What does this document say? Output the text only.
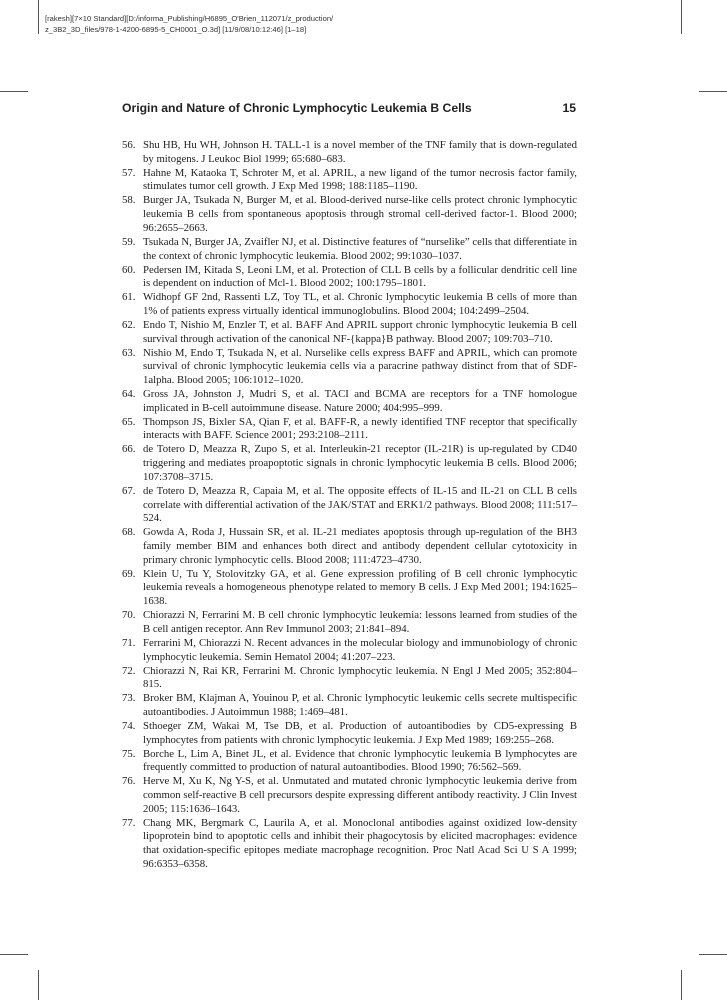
[rakesh][7×10 Standard][D:/informa_Publishing/H6895_O'Brien_112071/z_production/
z_3B2_3D_files/978-1-4200-6895-5_CH0001_O.3d] [11/9/08/10:12:46] [1–18]
Origin and Nature of Chronic Lymphocytic Leukemia B Cells	15
56. Shu HB, Hu WH, Johnson H. TALL-1 is a novel member of the TNF family that is down-regulated by mitogens. J Leukoc Biol 1999; 65:680–683.
57. Hahne M, Kataoka T, Schroter M, et al. APRIL, a new ligand of the tumor necrosis factor family, stimulates tumor cell growth. J Exp Med 1998; 188:1185–1190.
58. Burger JA, Tsukada N, Burger M, et al. Blood-derived nurse-like cells protect chronic lymphocytic leukemia B cells from spontaneous apoptosis through stromal cell-derived factor-1. Blood 2000; 96:2655–2663.
59. Tsukada N, Burger JA, Zvaifler NJ, et al. Distinctive features of “nurselike” cells that differentiate in the context of chronic lymphocytic leukemia. Blood 2002; 99:1030–1037.
60. Pedersen IM, Kitada S, Leoni LM, et al. Protection of CLL B cells by a follicular dendritic cell line is dependent on induction of Mcl-1. Blood 2002; 100:1795–1801.
61. Widhopf GF 2nd, Rassenti LZ, Toy TL, et al. Chronic lymphocytic leukemia B cells of more than 1% of patients express virtually identical immunoglobulins. Blood 2004; 104:2499–2504.
62. Endo T, Nishio M, Enzler T, et al. BAFF And APRIL support chronic lymphocytic leukemia B cell survival through activation of the canonical NF-{kappa}B pathway. Blood 2007; 109:703–710.
63. Nishio M, Endo T, Tsukada N, et al. Nurselike cells express BAFF and APRIL, which can promote survival of chronic lymphocytic leukemia cells via a paracrine pathway distinct from that of SDF-1alpha. Blood 2005; 106:1012–1020.
64. Gross JA, Johnston J, Mudri S, et al. TACI and BCMA are receptors for a TNF homologue implicated in B-cell autoimmune disease. Nature 2000; 404:995–999.
65. Thompson JS, Bixler SA, Qian F, et al. BAFF-R, a newly identified TNF receptor that specifically interacts with BAFF. Science 2001; 293:2108–2111.
66. de Totero D, Meazza R, Zupo S, et al. Interleukin-21 receptor (IL-21R) is up-regulated by CD40 triggering and mediates proapoptotic signals in chronic lymphocytic leukemia B cells. Blood 2006; 107:3708–3715.
67. de Totero D, Meazza R, Capaia M, et al. The opposite effects of IL-15 and IL-21 on CLL B cells correlate with differential activation of the JAK/STAT and ERK1/2 pathways. Blood 2008; 111:517–524.
68. Gowda A, Roda J, Hussain SR, et al. IL-21 mediates apoptosis through up-regulation of the BH3 family member BIM and enhances both direct and antibody dependent cellular cytotoxicity in primary chronic lymphocytic cells. Blood 2008; 111:4723–4730.
69. Klein U, Tu Y, Stolovitzky GA, et al. Gene expression profiling of B cell chronic lymphocytic leukemia reveals a homogeneous phenotype related to memory B cells. J Exp Med 2001; 194:1625–1638.
70. Chiorazzi N, Ferrarini M. B cell chronic lymphocytic leukemia: lessons learned from studies of the B cell antigen receptor. Ann Rev Immunol 2003; 21:841–894.
71. Ferrarini M, Chiorazzi N. Recent advances in the molecular biology and immunobiology of chronic lymphocytic leukemia. Semin Hematol 2004; 41:207–223.
72. Chiorazzi N, Rai KR, Ferrarini M. Chronic lymphocytic leukemia. N Engl J Med 2005; 352:804–815.
73. Broker BM, Klajman A, Youinou P, et al. Chronic lymphocytic leukemic cells secrete multispecific autoantibodies. J Autoimmun 1988; 1:469–481.
74. Sthoeger ZM, Wakai M, Tse DB, et al. Production of autoantibodies by CD5-expressing B lymphocytes from patients with chronic lymphocytic leukemia. J Exp Med 1989; 169:255–268.
75. Borche L, Lim A, Binet JL, et al. Evidence that chronic lymphocytic leukemia B lymphocytes are frequently committed to production of natural autoantibodies. Blood 1990; 76:562–569.
76. Herve M, Xu K, Ng Y-S, et al. Unmutated and mutated chronic lymphocytic leukemia derive from common self-reactive B cell precursors despite expressing different antibody reactivity. J Clin Invest 2005; 115:1636–1643.
77. Chang MK, Bergmark C, Laurila A, et al. Monoclonal antibodies against oxidized low-density lipoprotein bind to apoptotic cells and inhibit their phagocytosis by elicited macrophages: evidence that oxidation-specific epitopes mediate macrophage recognition. Proc Natl Acad Sci U S A 1999; 96:6353–6358.
